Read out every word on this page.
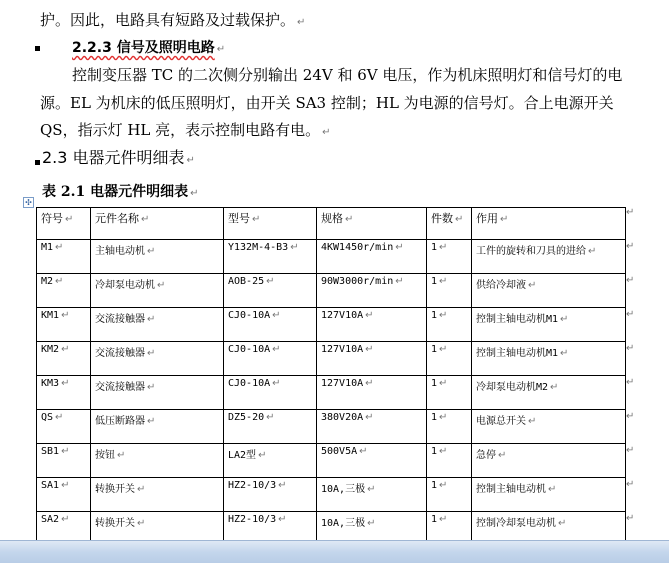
护。因此，电路具有短路及过载保护。 ↵
2.2.3 信号及照明电路 ↵
控制变压器 TC 的二次侧分别输出 24V 和 6V 电压，作为机床照明灯和信号灯的电
源。EL 为机床的低压照明灯，由开关 SA3 控制；HL 为电源的信号灯。合上电源开关
QS，指示灯 HL 亮，表示控制电路有电。 ↵
2.3 电器元件明细表 ↵
表 2.1 电器元件明细表 ↵
✣
符号 ↵	元件名称 ↵	型号 ↵	规格 ↵	件数 ↵	作用 ↵
M1 ↵	主轴电动机 ↵	Y132M-4-B3 ↵	4KW1450r/min ↵	1 ↵	工件的旋转和刀具的进给 ↵
M2 ↵	冷却泵电动机 ↵	AOB-25 ↵	90W3000r/min ↵	1 ↵	供给冷却液 ↵
KM1 ↵	交流接触器 ↵	CJ0-10A ↵	127V10A ↵	1 ↵	控制主轴电动机M1 ↵
KM2 ↵	交流接触器 ↵	CJ0-10A ↵	127V10A ↵	1 ↵	控制主轴电动机M1 ↵
KM3 ↵	交流接触器 ↵	CJ0-10A ↵	127V10A ↵	1 ↵	冷却泵电动机M2 ↵
QS ↵	低压断路器 ↵	DZ5-20 ↵	380V20A ↵	1 ↵	电源总开关 ↵
SB1 ↵	按钮 ↵	LA2型 ↵	500V5A ↵	1 ↵	急停 ↵
SA1 ↵	转换开关 ↵	HZ2-10/3 ↵	10A,三极 ↵	1 ↵	控制主轴电动机 ↵
SA2 ↵	转换开关 ↵	HZ2-10/3 ↵	10A,三极 ↵	1 ↵	控制冷却泵电动机 ↵
↵
↵
↵
↵
↵
↵
↵
↵
↵
↵
